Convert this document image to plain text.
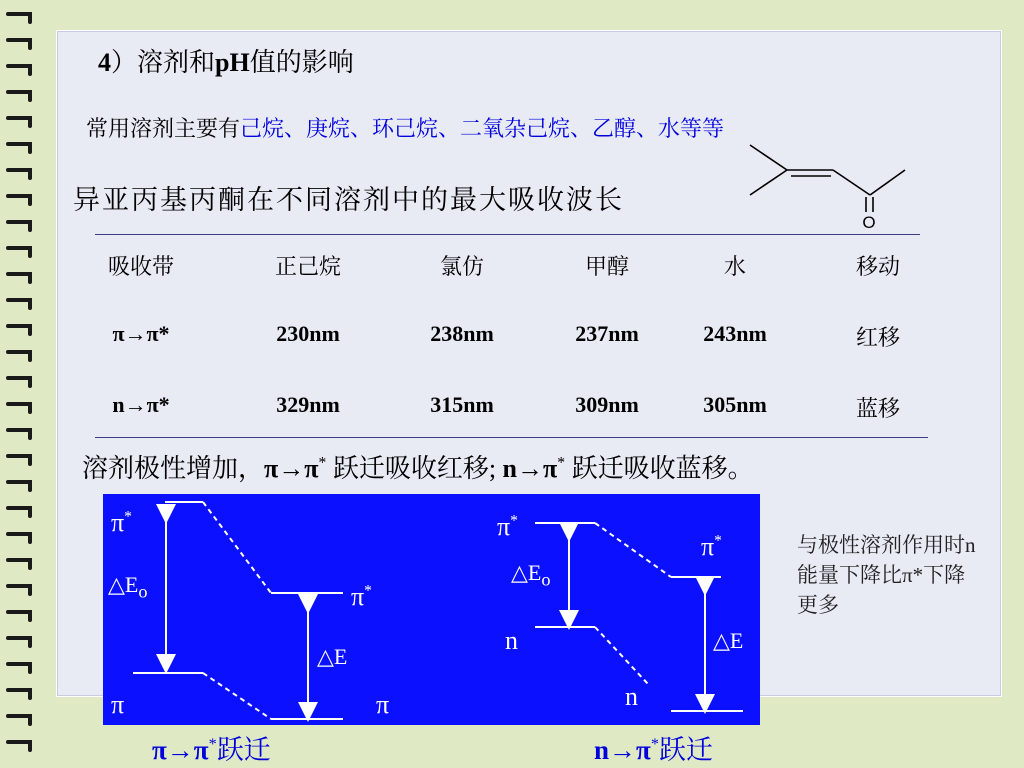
4）溶剂和pH值的影响
常用溶剂主要有己烷、庚烷、环己烷、二氧杂己烷、乙醇、水等等
O
异亚丙基丙酮在不同溶剂中的最大吸收波长
吸收带	正己烷	氯仿	甲醇	水	移动
π→π*	230nm	238nm	237nm	243nm	红移
n→π*	329nm	315nm	309nm	305nm	蓝移
溶剂极性增加，π→π* 跃迁吸收红移; n→π* 跃迁吸收蓝移。
π*
$\triangle E_o$	π*
△E
π	π
π*
$\triangle E_o$
π*
n	△E
n
与极性溶剂作用时n能量下降比π*下降更多
π→π*跃迁	n→π*跃迁
